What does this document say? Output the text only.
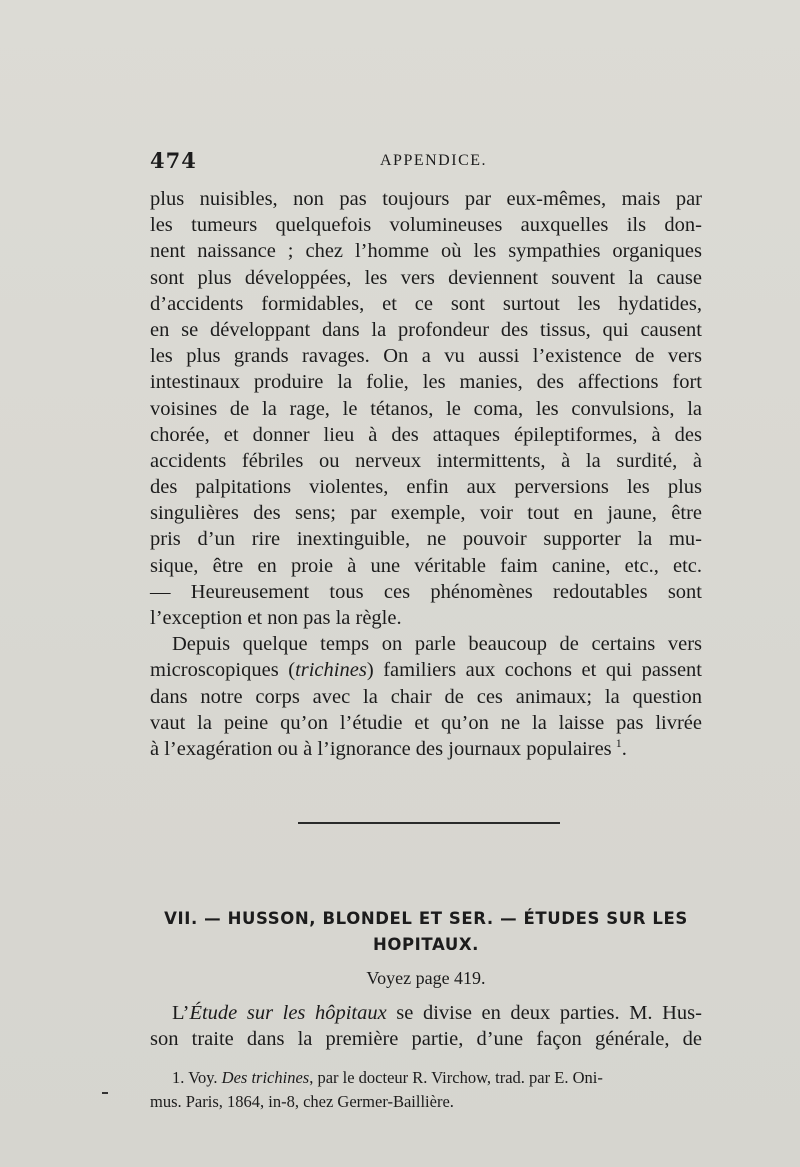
474	APPENDICE.
plus nuisibles, non pas toujours par eux-mêmes, mais par
les tumeurs quelquefois volumineuses auxquelles ils don-
nent naissance ; chez l’homme où les sympathies organiques
sont plus développées, les vers deviennent souvent la cause
d’accidents formidables, et ce sont surtout les hydatides,
en se développant dans la profondeur des tissus, qui causent
les plus grands ravages. On a vu aussi l’existence de vers
intestinaux produire la folie, les manies, des affections fort
voisines de la rage, le tétanos, le coma, les convulsions, la
chorée, et donner lieu à des attaques épileptiformes, à des
accidents fébriles ou nerveux intermittents, à la surdité, à
des palpitations violentes, enfin aux perversions les plus
singulières des sens; par exemple, voir tout en jaune, être
pris d’un rire inextinguible, ne pouvoir supporter la mu-
sique, être en proie à une véritable faim canine, etc., etc.
— Heureusement tous ces phénomènes redoutables sont
l’exception et non pas la règle.
Depuis quelque temps on parle beaucoup de certains vers
microscopiques (trichines) familiers aux cochons et qui passent
dans notre corps avec la chair de ces animaux; la question
vaut la peine qu’on l’étudie et qu’on ne la laisse pas livrée
à l’exagération ou à l’ignorance des journaux populaires  $^1$.
VII. — HUSSON, BLONDEL ET SER. — ÉTUDES SUR LES
HOPITAUX.
Voyez page 419.
L’Étude sur les hôpitaux se divise en deux parties. M. Hus-
son traite dans la première partie, d’une façon générale, de
1. Voy. Des trichines, par le docteur R. Virchow, trad. par E. Oni-
mus. Paris, 1864, in-8, chez Germer-Baillière.
